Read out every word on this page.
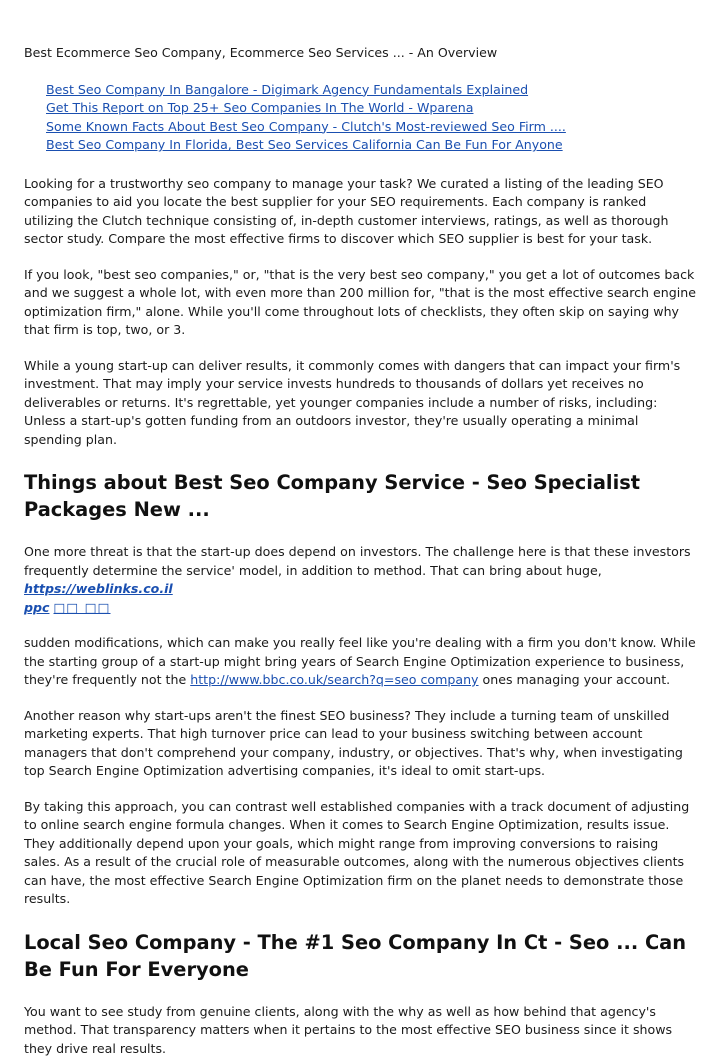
Best Ecommerce Seo Company, Ecommerce Seo Services ... - An Overview
Best Seo Company In Bangalore - Digimark Agency Fundamentals Explained
Get This Report on Top 25+ Seo Companies In The World - Wparena
Some Known Facts About Best Seo Company - Clutch's Most-reviewed Seo Firm ....
Best Seo Company In Florida, Best Seo Services California Can Be Fun For Anyone

Looking for a trustworthy seo company to manage your task? We curated a listing of the leading SEO companies to aid you locate the best supplier for your SEO requirements. Each company is ranked utilizing the Clutch technique consisting of, in-depth customer interviews, ratings, as well as thorough sector study. Compare the most effective firms to discover which SEO supplier is best for your task.

If you look, "best seo companies," or, "that is the very best seo company," you get a lot of outcomes back and we suggest a whole lot, with even more than 200 million for, "that is the most effective search engine optimization firm," alone. While you'll come throughout lots of checklists, they often skip on saying why that firm is top, two, or 3.

While a young start-up can deliver results, it commonly comes with dangers that can impact your firm's investment. That may imply your service invests hundreds to thousands of dollars yet receives no deliverables or returns. It's regrettable, yet younger companies include a number of risks, including: Unless a start-up's gotten funding from an outdoors investor, they're usually operating a minimal spending plan.

Things about Best Seo Company Service - Seo Specialist Packages New ...

One more threat is that the start-up does depend on investors. The challenge here is that these investors frequently determine the service' model, in addition to method. That can bring about huge, https://weblinks.co.il
ppc □□ □□

sudden modifications, which can make you really feel like you're dealing with a firm you don't know. While the starting group of a start-up might bring years of Search Engine Optimization experience to business, they're frequently not the http://www.bbc.co.uk/search?q=seo company ones managing your account.

Another reason why start-ups aren't the finest SEO business? They include a turning team of unskilled marketing experts. That high turnover price can lead to your business switching between account managers that don't comprehend your company, industry, or objectives. That's why, when investigating top Search Engine Optimization advertising companies, it's ideal to omit start-ups.

By taking this approach, you can contrast well established companies with a track document of adjusting to online search engine formula changes. When it comes to Search Engine Optimization, results issue. They additionally depend upon your goals, which might range from improving conversions to raising sales. As a result of the crucial role of measurable outcomes, along with the numerous objectives clients can have, the most effective Search Engine Optimization firm on the planet needs to demonstrate those results.

Local Seo Company - The #1 Seo Company In Ct - Seo ... Can Be Fun For Everyone

You want to see study from genuine clients, along with the why as well as how behind that agency's method. That transparency matters when it pertains to the most effective SEO business since it shows they drive real results.
